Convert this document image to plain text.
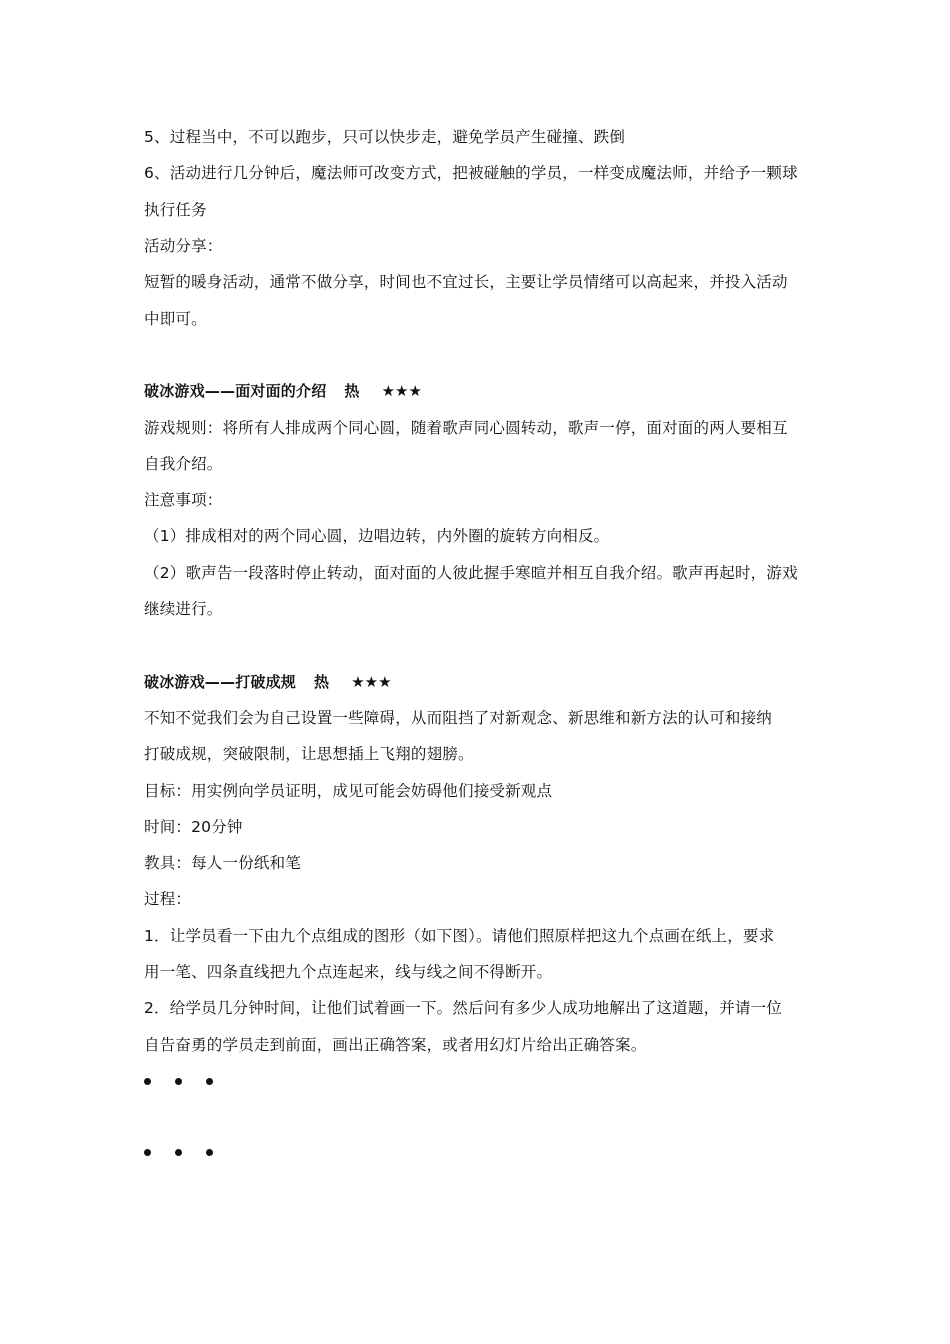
5、过程当中，不可以跑步，只可以快步走，避免学员产生碰撞、跌倒
6、活动进行几分钟后，魔法师可改变方式，把被碰触的学员，一样变成魔法师，并给予一颗球
执行任务
活动分享：
短暂的暖身活动，通常不做分享，时间也不宜过长，主要让学员情绪可以高起来，并投入活动
中即可。
破冰游戏——面对面的介绍 热 ★★★
游戏规则：将所有人排成两个同心圆，随着歌声同心圆转动，歌声一停，面对面的两人要相互
自我介绍。
注意事项：
（1）排成相对的两个同心圆，边唱边转，内外圈的旋转方向相反。
（2）歌声告一段落时停止转动，面对面的人彼此握手寒暄并相互自我介绍。歌声再起时，游戏
继续进行。
破冰游戏——打破成规 热 ★★★
不知不觉我们会为自己设置一些障碍，从而阻挡了对新观念、新思维和新方法的认可和接纳
打破成规，突破限制，让思想插上飞翔的翅膀。
目标：用实例向学员证明，成见可能会妨碍他们接受新观点
时间：20分钟
教具：每人一份纸和笔
过程：
1．让学员看一下由九个点组成的图形（如下图）。请他们照原样把这九个点画在纸上，要求
用一笔、四条直线把九个点连起来，线与线之间不得断开。
2．给学员几分钟时间，让他们试着画一下。然后问有多少人成功地解出了这道题，并请一位
自告奋勇的学员走到前面，画出正确答案，或者用幻灯片给出正确答案。
